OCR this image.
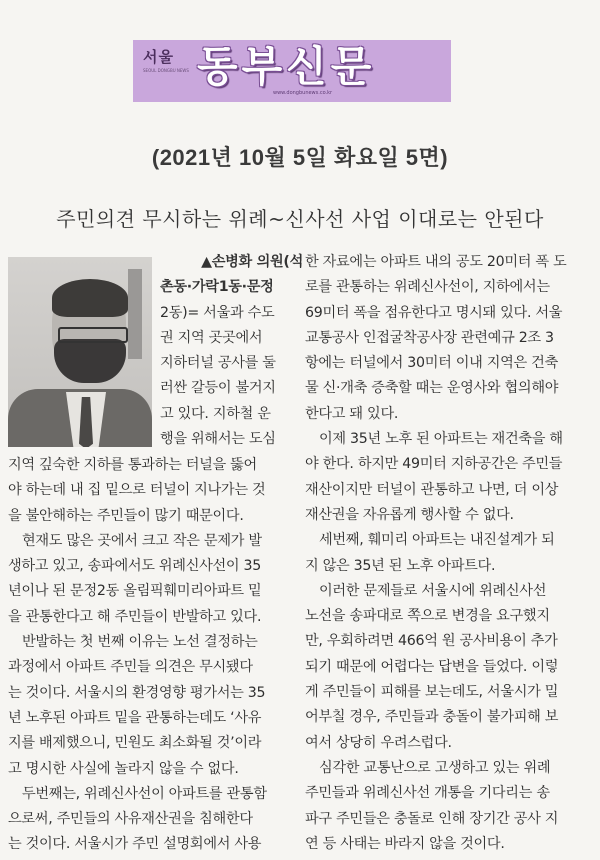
서울
SEOUL DONGBU NEWS 동부신문
www.dongbunews.co.kr
(2021년 10월 5일 화요일 5면)
주민의견 무시하는 위례~신사선 사업 이대로는 안된다
▲손병화 의원(석
촌동·가락1동·문정
2동)= 서울과 수도
권 지역 곳곳에서
지하터널 공사를 둘
러싼 갈등이 불거지
고 있다. 지하철 운
행을 위해서는 도심
지역 깊숙한 지하를 통과하는 터널을 뚫어
야 하는데 내 집 밑으로 터널이 지나가는 것
을 불안해하는 주민들이 많기 때문이다.
현재도 많은 곳에서 크고 작은 문제가 발
생하고 있고, 송파에서도 위례신사선이 35
년이나 된 문정2동 올림픽훼미리아파트 밑
을 관통한다고 해 주민들이 반발하고 있다.
반발하는 첫 번째 이유는 노선 결정하는
과정에서 아파트 주민들 의견은 무시됐다
는 것이다. 서울시의 환경영향 평가서는 35
년 노후된 아파트 밑을 관통하는데도 ‘사유
지를 배제했으니, 민원도 최소화될 것’이라
고 명시한 사실에 놀라지 않을 수 없다.
두번째는, 위례신사선이 아파트를 관통함
으로써, 주민들의 사유재산권을 침해한다
는 것이다. 서울시가 주민 설명회에서 사용
한 자료에는 아파트 내의 공도 20미터 폭 도
로를 관통하는 위례신사선이, 지하에서는
69미터 폭을 점유한다고 명시돼 있다. 서울
교통공사 인접굴착공사장 관련예규 2조 3
항에는 터널에서 30미터 이내 지역은 건축
물 신·개축 증축할 때는 운영사와 협의해야
한다고 돼 있다.
이제 35년 노후 된 아파트는 재건축을 해
야 한다. 하지만 49미터 지하공간은 주민들
재산이지만 터널이 관통하고 나면, 더 이상
재산권을 자유롭게 행사할 수 없다.
세번째, 훼미리 아파트는 내진설계가 되
지 않은 35년 된 노후 아파트다.
이러한 문제들로 서울시에 위례신사선
노선을 송파대로 쪽으로 변경을 요구했지
만, 우회하려면 466억 원 공사비용이 추가
되기 때문에 어렵다는 답변을 들었다. 이렇
게 주민들이 피해를 보는데도, 서울시가 밀
어부칠 경우, 주민들과 충돌이 불가피해 보
여서 상당히 우려스럽다.
심각한 교통난으로 고생하고 있는 위례
주민들과 위례신사선 개통을 기다리는 송
파구 주민들은 충돌로 인해 장기간 공사 지
연 등 사태는 바라지 않을 것이다.
